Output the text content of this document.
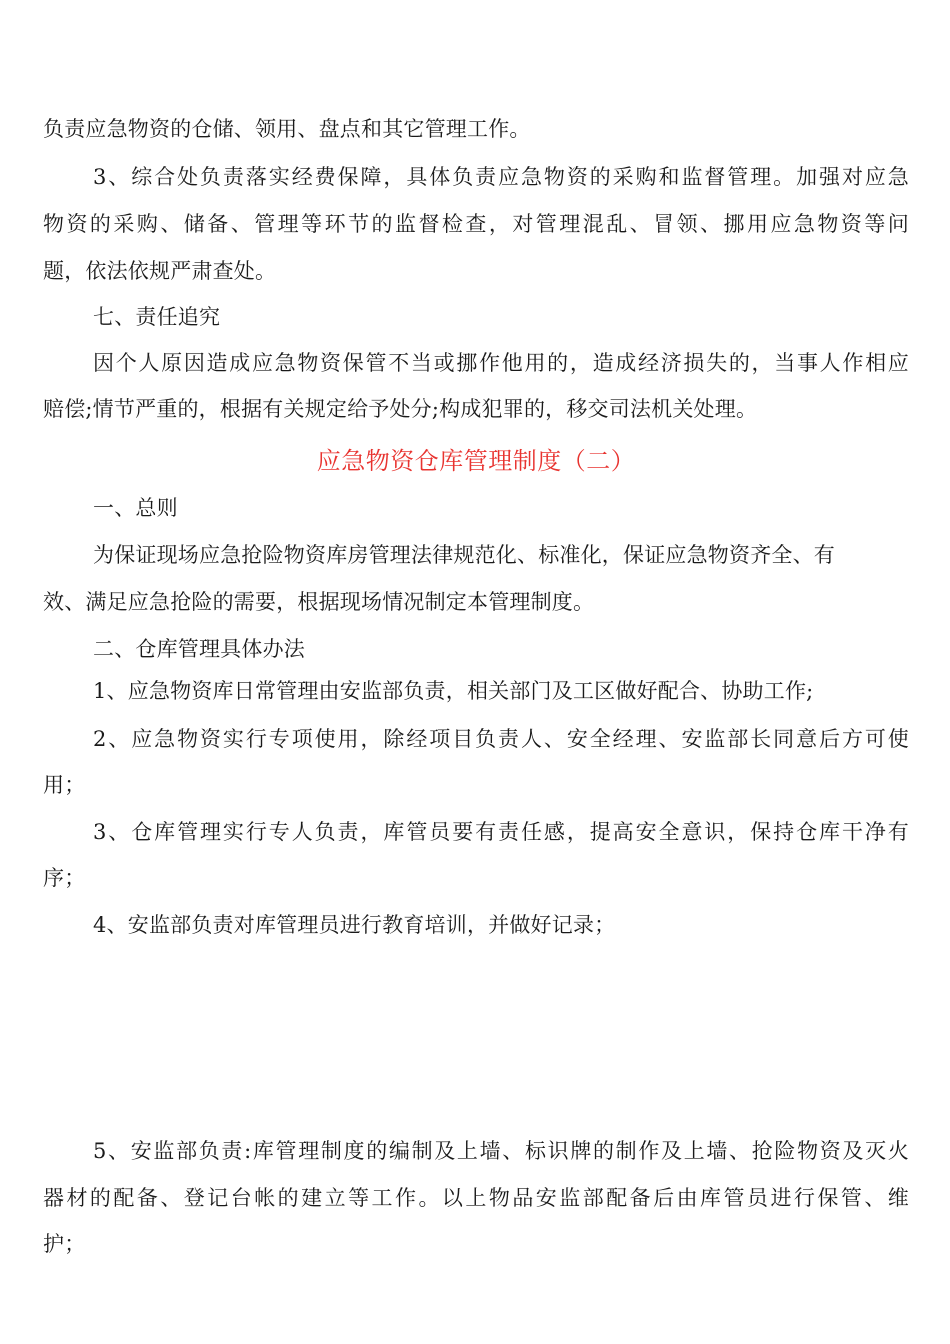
负责应急物资的仓储、领用、盘点和其它管理工作。
3、综合处负责落实经费保障，具体负责应急物资的采购和监督管理。加强对应急
物资的采购、储备、管理等环节的监督检查，对管理混乱、冒领、挪用应急物资等问
题，依法依规严肃查处。
七、责任追究
因个人原因造成应急物资保管不当或挪作他用的，造成经济损失的，当事人作相应
赔偿;情节严重的，根据有关规定给予处分;构成犯罪的，移交司法机关处理。
应急物资仓库管理制度（二）
一、总则
为保证现场应急抢险物资库房管理法律规范化、标准化，保证应急物资齐全、有
效、满足应急抢险的需要，根据现场情况制定本管理制度。
二、仓库管理具体办法
1、应急物资库日常管理由安监部负责，相关部门及工区做好配合、协助工作;
2、应急物资实行专项使用，除经项目负责人、安全经理、安监部长同意后方可使
用；
3、仓库管理实行专人负责，库管员要有责任感，提高安全意识，保持仓库干净有
序；
4、安监部负责对库管理员进行教育培训，并做好记录；
5、安监部负责:库管理制度的编制及上墙、标识牌的制作及上墙、抢险物资及灭火
器材的配备、登记台帐的建立等工作。以上物品安监部配备后由库管员进行保管、维
护；
